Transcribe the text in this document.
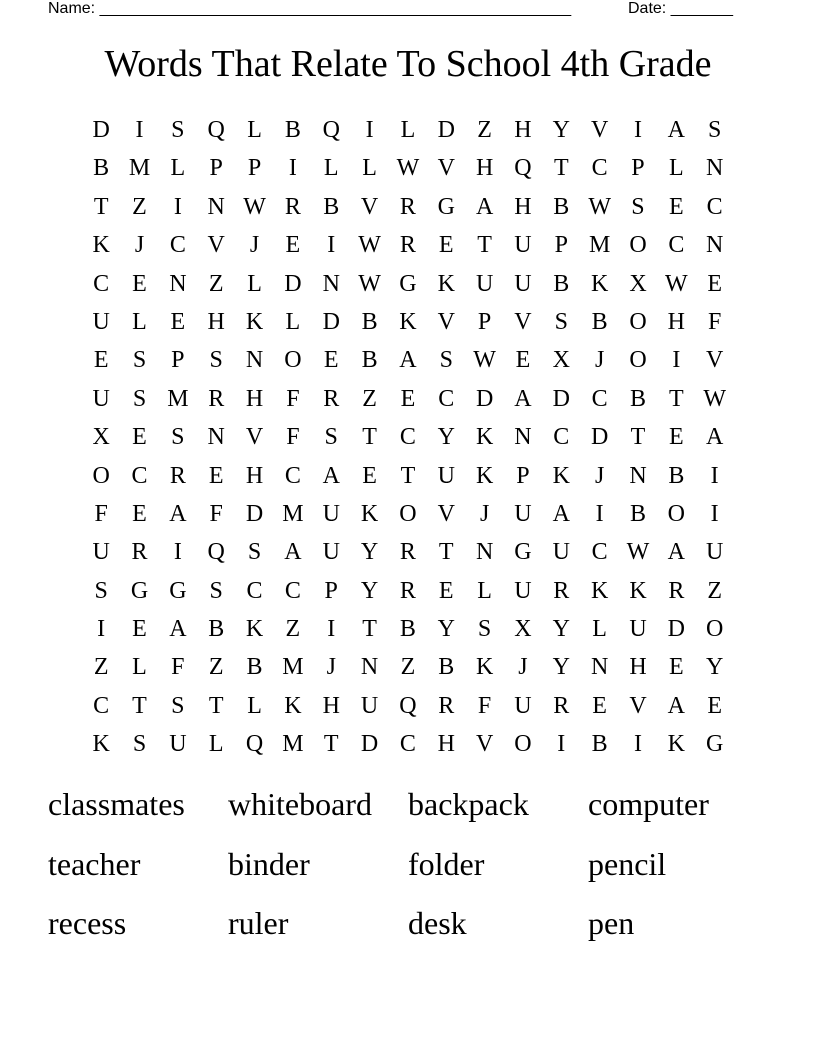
Name: _____________________________________________________	Date: _______
Words That Relate To School 4th Grade
D	I	S Q L B Q	I	L D Z H Y V	I	A S
B M L	P	P	I	L L W V H Q T C P	L N
T Z	I	N W R B V R G A H B W S	E C
K	J	C V	J	E	I W R E T U P M O C N
C E N Z L D N W G K U U B K X W E
U L E H K L D B K V P V S B O H F
E	S	P	S N O E B A S W E X	J	O	I	V
U S M R H F R Z E C D A D C B T W
X E	S N V F	S	T C Y K N C D T E A
O C R E H C A E T U K P K	J	N B	I
F	E A F D M U K O V	J	U A	I	B O	I
U R	I	Q S A U Y R T N G U C W A U
S G G S C C P Y R E L U R K K R Z
I	E A B K Z	I	T B Y S X Y L U D O
Z L	F	Z B M J	N Z B K	J	Y N H E Y
C T	S	T L K H U Q R F U R E V A E
K S U L Q M T D C H V O	I	B	I	K G
classmates	whiteboard	backpack	computer
teacher	binder	folder	pencil
recess	ruler	desk	pen
